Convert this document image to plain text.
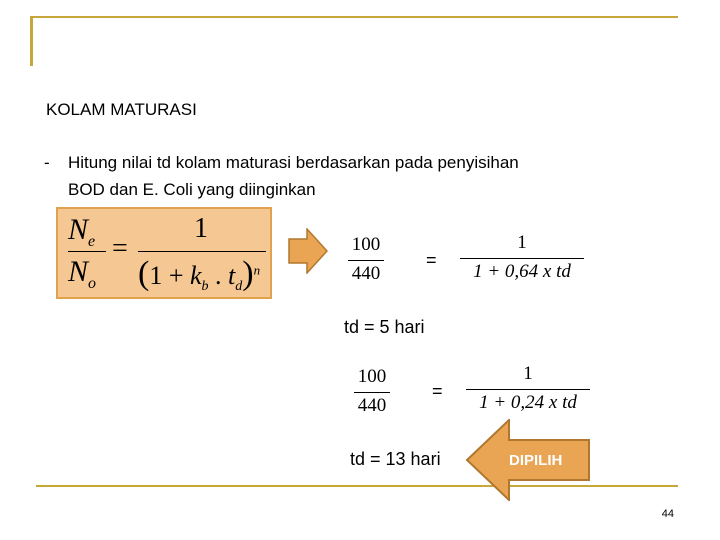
KOLAM MATURASI
- Hitung nilai td kolam maturasi berdasarkan pada penyisihan
BOD dan E. Coli yang diinginkan
$N_e$
$N_o$
=
1
($1 + k_b$ . $t_d)^n$
100
440
=
1
1 + 0,64 x td
td = 5 hari
100
440
=
1
1 + 0,24 x td
td = 13 hari	DIPILIH
44
